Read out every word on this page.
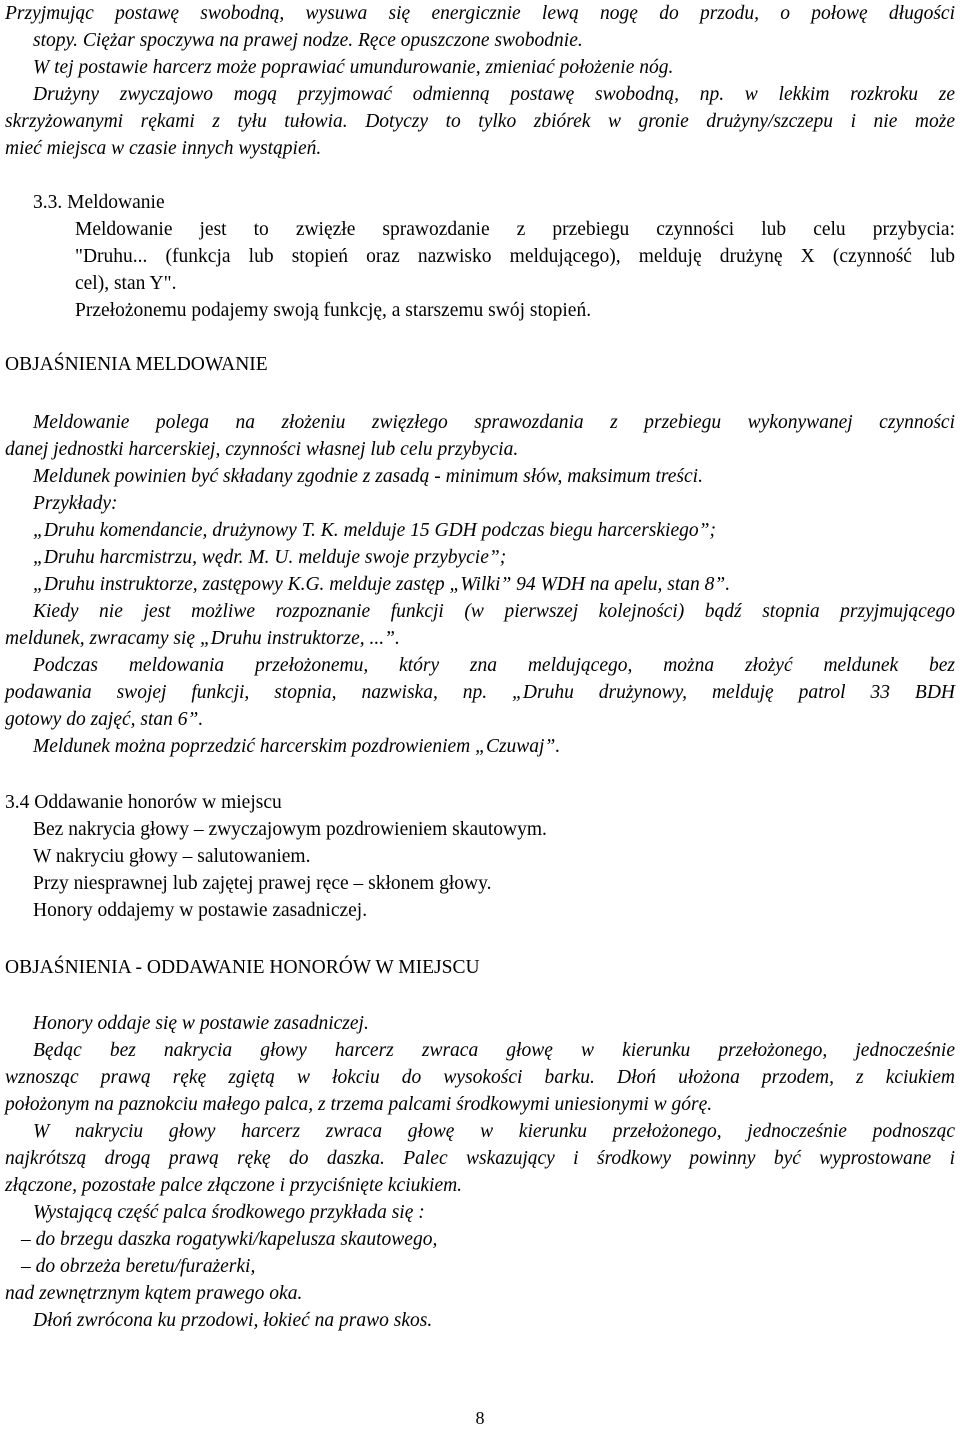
Przyjmując postawę swobodną, wysuwa się energicznie lewą nogę do przodu, o połowę długości
stopy. Ciężar spoczywa na prawej nodze. Ręce opuszczone swobodnie.
W tej postawie harcerz może poprawiać umundurowanie, zmieniać położenie nóg.
Drużyny zwyczajowo mogą przyjmować odmienną postawę swobodną, np. w lekkim rozkroku ze
skrzyżowanymi rękami z tyłu tułowia. Dotyczy to tylko zbiórek w gronie drużyny/szczepu i nie może
mieć miejsca w czasie innych wystąpień.
3.3. Meldowanie
Meldowanie jest to zwięzłe sprawozdanie z przebiegu czynności lub celu przybycia:
"Druhu... (funkcja lub stopień oraz nazwisko meldującego), melduję drużynę X (czynność lub
cel), stan Y".
Przełożonemu podajemy swoją funkcję, a starszemu swój stopień.
OBJAŚNIENIA MELDOWANIE
Meldowanie polega na złożeniu zwięzłego sprawozdania z przebiegu wykonywanej czynności
danej jednostki harcerskiej, czynności własnej lub celu przybycia.
Meldunek powinien być składany zgodnie z zasadą - minimum słów, maksimum treści.
Przykłady:
„Druhu komendancie, drużynowy T. K. melduje 15 GDH podczas biegu harcerskiego”;
„Druhu harcmistrzu, wędr. M. U. melduje swoje przybycie”;
„Druhu instruktorze, zastępowy K.G. melduje zastęp „Wilki” 94 WDH na apelu, stan 8”.
Kiedy nie jest możliwe rozpoznanie funkcji (w pierwszej kolejności) bądź stopnia przyjmującego
meldunek, zwracamy się „Druhu instruktorze, ...”.
Podczas meldowania przełożonemu, który zna meldującego, można złożyć meldunek bez
podawania swojej funkcji, stopnia, nazwiska, np. „Druhu drużynowy, melduję patrol 33 BDH
gotowy do zajęć, stan 6”.
Meldunek można poprzedzić harcerskim pozdrowieniem „Czuwaj”.
3.4 Oddawanie honorów w miejscu
Bez nakrycia głowy – zwyczajowym pozdrowieniem skautowym.
W nakryciu głowy – salutowaniem.
Przy niesprawnej lub zajętej prawej ręce – skłonem głowy.
Honory oddajemy w postawie zasadniczej.
OBJAŚNIENIA - ODDAWANIE HONORÓW W MIEJSCU
Honory oddaje się w postawie zasadniczej.
Będąc bez nakrycia głowy harcerz zwraca głowę w kierunku przełożonego, jednocześnie
wznosząc prawą rękę zgiętą w łokciu do wysokości barku. Dłoń ułożona przodem, z kciukiem
położonym na paznokciu małego palca, z trzema palcami środkowymi uniesionymi w górę.
W nakryciu głowy harcerz zwraca głowę w kierunku przełożonego, jednocześnie podnosząc
najkrótszą drogą prawą rękę do daszka. Palec wskazujący i środkowy powinny być wyprostowane i
złączone, pozostałe palce złączone i przyciśnięte kciukiem.
Wystającą część palca środkowego przykłada się :
– do brzegu daszka rogatywki/kapelusza skautowego,
– do obrzeża beretu/furażerki,
nad zewnętrznym kątem prawego oka.
Dłoń zwrócona ku przodowi, łokieć na prawo skos.
8
